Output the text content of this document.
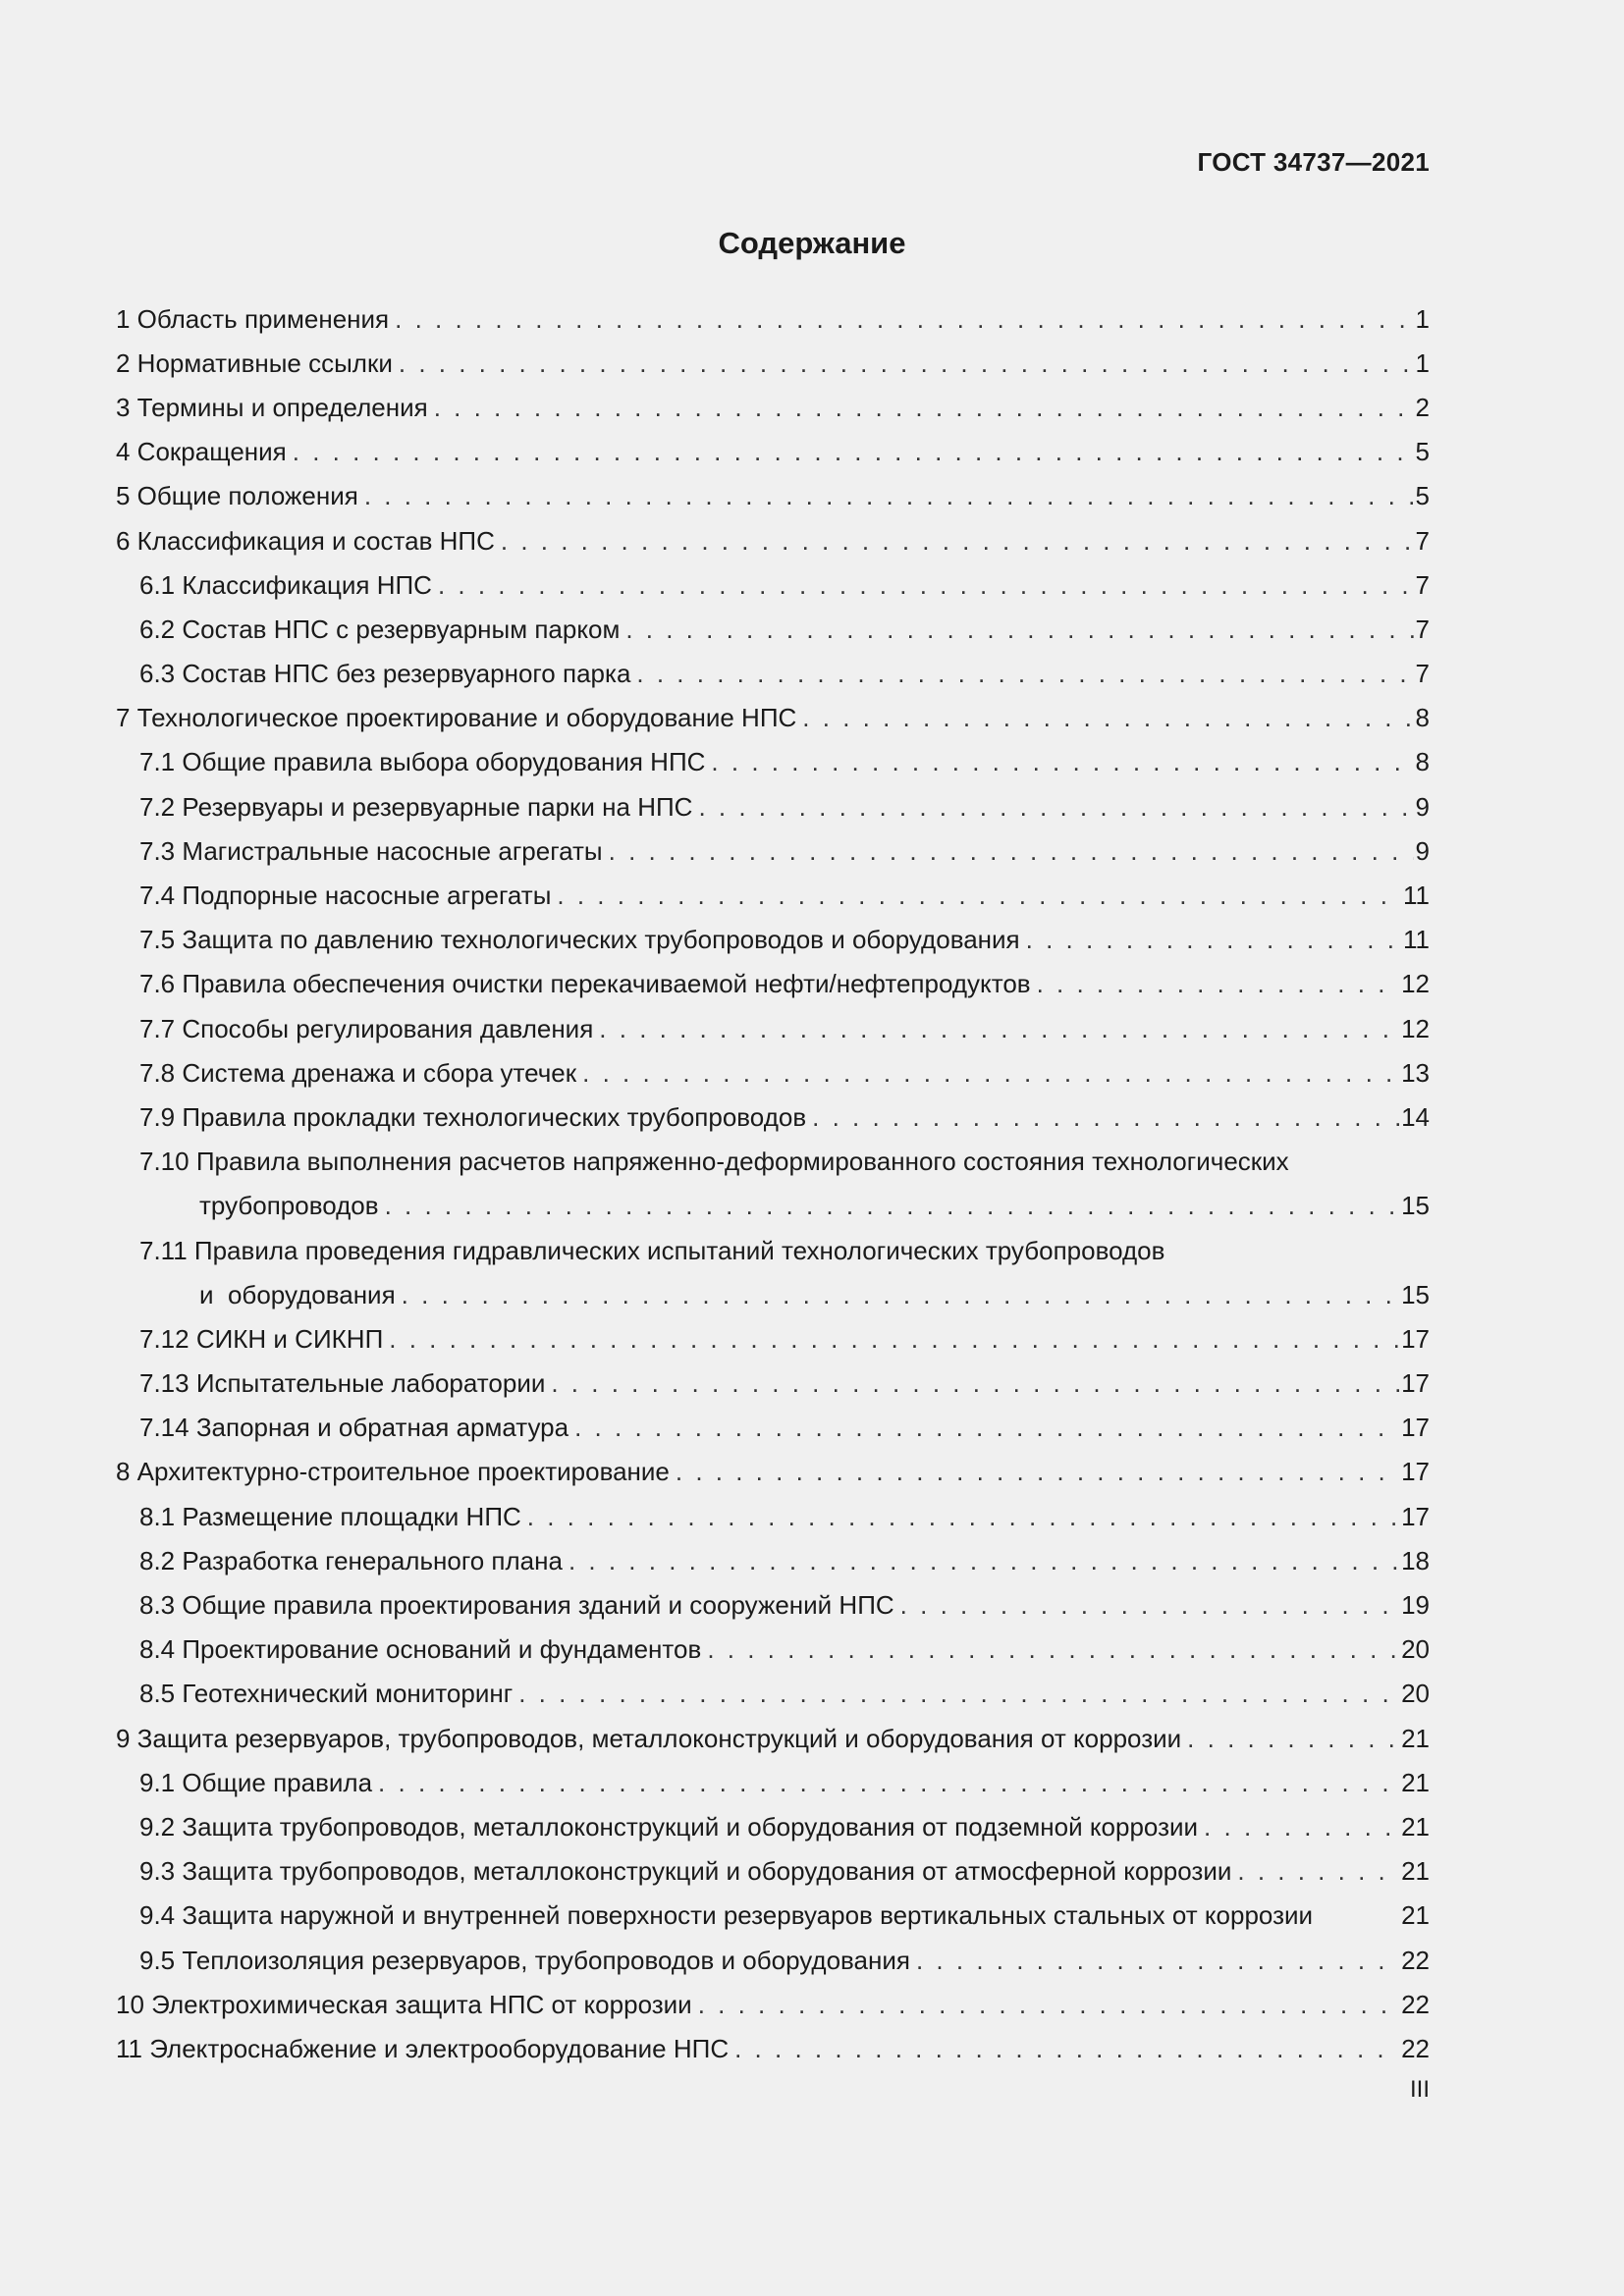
ГОСТ 34737—2021
Содержание
1 Область применения . . .	1
2 Нормативные ссылки . . .	1
3 Термины и определения . . .	2
4 Сокращения . . .	5
5 Общие положения . . .	5
6 Классификация и состав НПС . . .	7
6.1 Классификация НПС . . .	7
6.2 Состав НПС с резервуарным парком . . .	7
6.3 Состав НПС без резервуарного парка . . .	7
7 Технологическое проектирование и оборудование НПС . . .	8
7.1 Общие правила выбора оборудования НПС . . .	8
7.2 Резервуары и резервуарные парки на НПС . . .	9
7.3 Магистральные насосные агрегаты . . .	9
7.4 Подпорные насосные агрегаты . . .	11
7.5 Защита по давлению технологических трубопроводов и оборудования . . .	11
7.6 Правила обеспечения очистки перекачиваемой нефти/нефтепродуктов . . .	12
7.7 Способы регулирования давления . . .	12
7.8 Система дренажа и сбора утечек . . .	13
7.9 Правила прокладки технологических трубопроводов . . .	14
7.10 Правила выполнения расчетов напряженно-деформированного состояния технологических
трубопроводов . . .	15
7.11 Правила проведения гидравлических испытаний технологических трубопроводов
и  оборудования . . .	15
7.12 СИКН и СИКНП . . .	17
7.13 Испытательные лаборатории . . .	17
7.14 Запорная и обратная арматура . . .	17
8 Архитектурно-строительное проектирование . . .	17
8.1 Размещение площадки НПС . . .	17
8.2 Разработка генерального плана . . .	18
8.3 Общие правила проектирования зданий и сооружений НПС . . .	19
8.4 Проектирование оснований и фундаментов . . .	20
8.5 Геотехнический мониторинг . . .	20
9 Защита резервуаров, трубопроводов, металлоконструкций и оборудования от коррозии . . .	21
9.1 Общие правила . . .	21
9.2 Защита трубопроводов, металлоконструкций и оборудования от подземной коррозии . . .	21
9.3 Защита трубопроводов, металлоконструкций и оборудования от атмосферной коррозии . . .	21
9.4 Защита наружной и внутренней поверхности резервуаров вертикальных стальных от коррозии	21
9.5 Теплоизоляция резервуаров, трубопроводов и оборудования . . .	22
10 Электрохимическая защита НПС от коррозии . . .	22
11 Электроснабжение и электрооборудование НПС . . .	22
III
